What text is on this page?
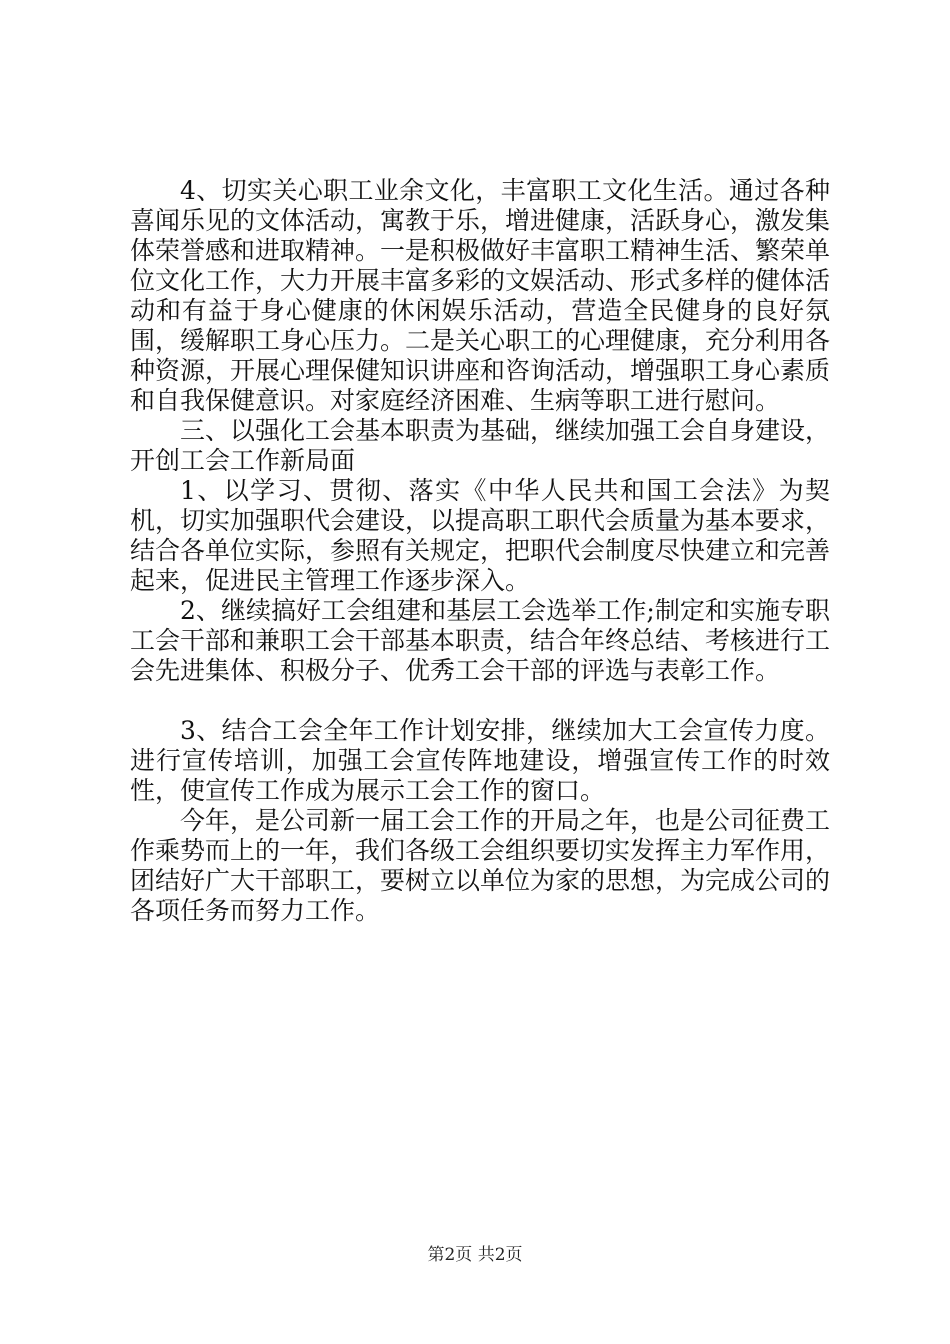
4、切实关心职工业余文化，丰富职工文化生活。通过各种喜闻乐见的文体活动，寓教于乐，增进健康，活跃身心，激发集体荣誉感和进取精神。一是积极做好丰富职工精神生活、繁荣单位文化工作，大力开展丰富多彩的文娱活动、形式多样的健体活动和有益于身心健康的休闲娱乐活动，营造全民健身的良好氛围，缓解职工身心压力。二是关心职工的心理健康，充分利用各种资源，开展心理保健知识讲座和咨询活动，增强职工身心素质和自我保健意识。对家庭经济困难、生病等职工进行慰问。

三、以强化工会基本职责为基础，继续加强工会自身建设，开创工会工作新局面

1、以学习、贯彻、落实《中华人民共和国工会法》为契机，切实加强职代会建设，以提高职工职代会质量为基本要求，结合各单位实际，参照有关规定，把职代会制度尽快建立和完善起来，促进民主管理工作逐步深入。

2、继续搞好工会组建和基层工会选举工作;制定和实施专职工会干部和兼职工会干部基本职责，结合年终总结、考核进行工会先进集体、积极分子、优秀工会干部的评选与表彰工作。

3、结合工会全年工作计划安排，继续加大工会宣传力度。进行宣传培训，加强工会宣传阵地建设，增强宣传工作的时效性，使宣传工作成为展示工会工作的窗口。

今年，是公司新一届工会工作的开局之年，也是公司征费工作乘势而上的一年，我们各级工会组织要切实发挥主力军作用，团结好广大干部职工，要树立以单位为家的思想，为完成公司的各项任务而努力工作。

第2页 共2页
